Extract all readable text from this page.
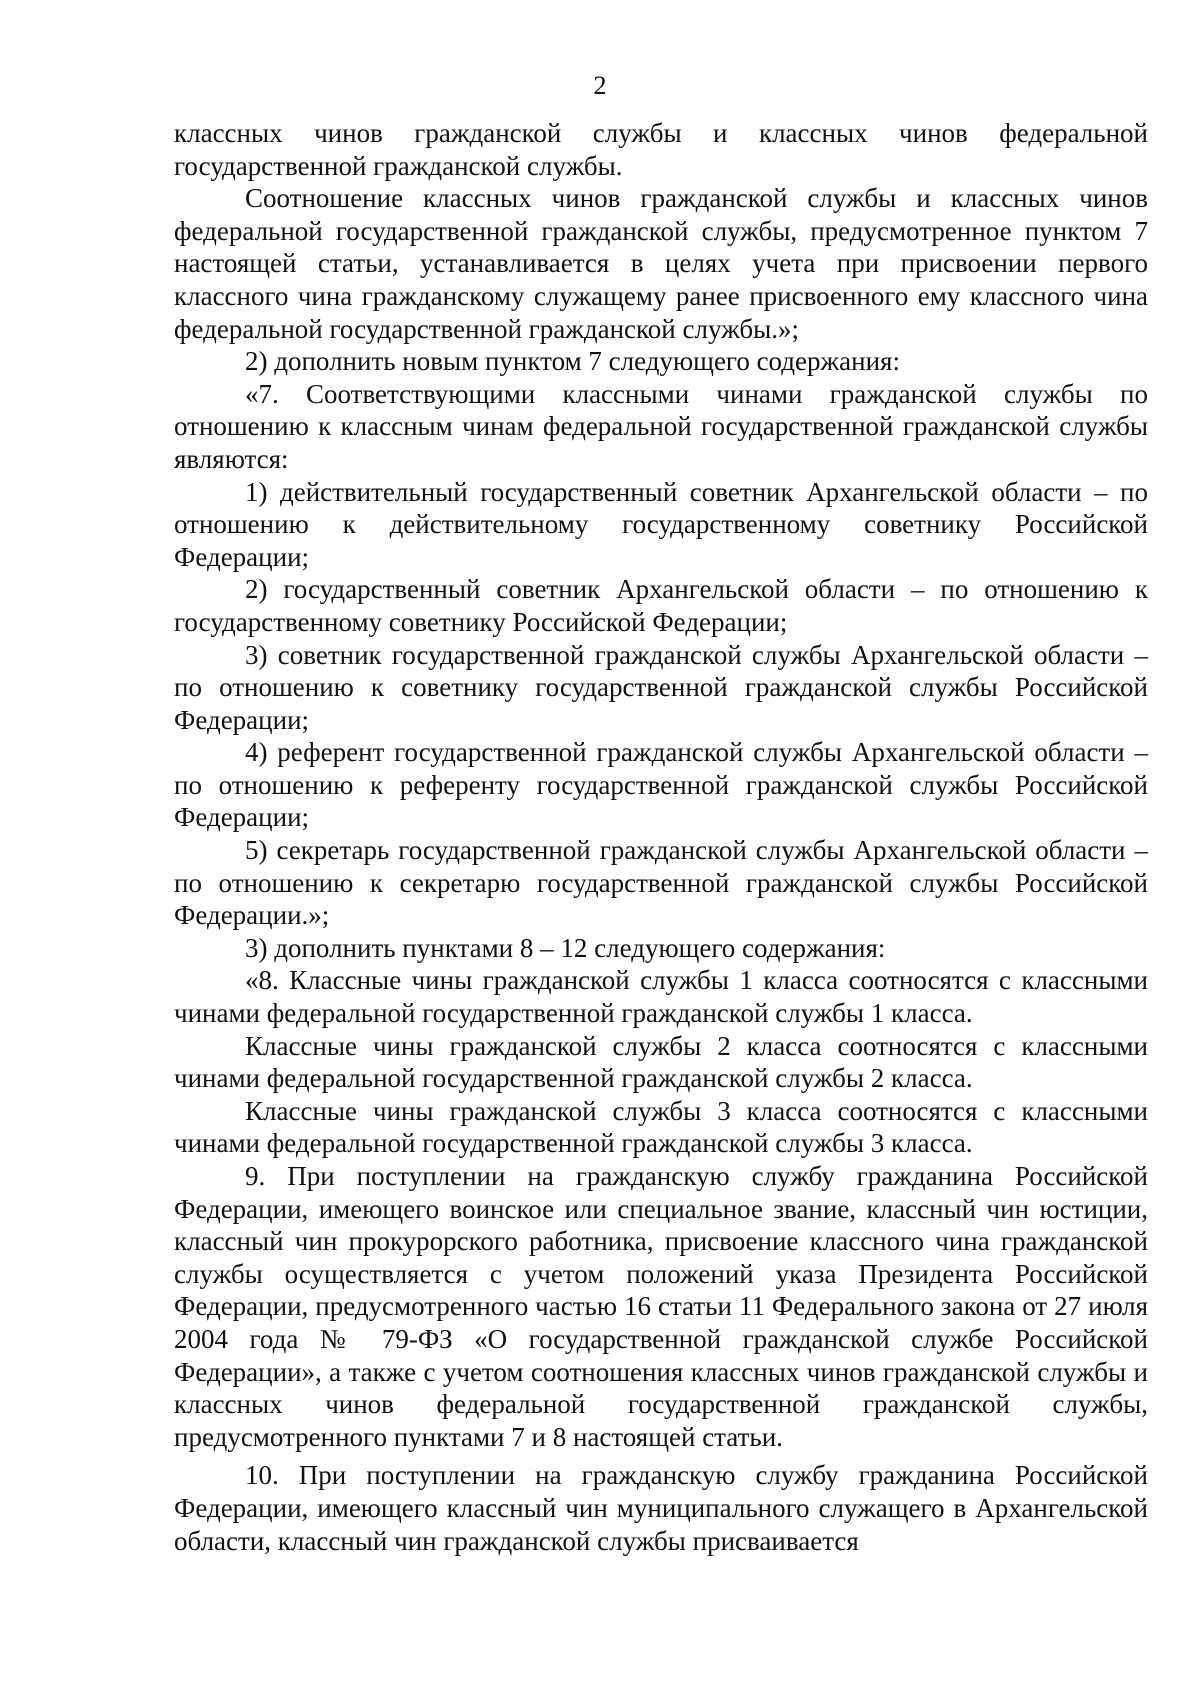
2

классных чинов гражданской службы и классных чинов федеральной государственной гражданской службы.

Соотношение классных чинов гражданской службы и классных чинов федеральной государственной гражданской службы, предусмотренное пунктом 7 настоящей статьи, устанавливается в целях учета при присвоении первого классного чина гражданскому служащему ранее присвоенного ему классного чина федеральной государственной гражданской службы.»;

2) дополнить новым пунктом 7 следующего содержания:

«7. Соответствующими классными чинами гражданской службы по отношению к классным чинам федеральной государственной гражданской службы являются:

1) действительный государственный советник Архангельской области – по отношению к действительному государственному советнику Российской Федерации;

2) государственный советник Архангельской области – по отношению к государственному советнику Российской Федерации;

3) советник государственной гражданской службы Архангельской области – по отношению к советнику государственной гражданской службы Российской Федерации;

4) референт государственной гражданской службы Архангельской области – по отношению к референту государственной гражданской службы Российской Федерации;

5) секретарь государственной гражданской службы Архангельской области – по отношению к секретарю государственной гражданской службы Российской Федерации.»;

3) дополнить пунктами 8 – 12 следующего содержания:

«8. Классные чины гражданской службы 1 класса соотносятся с классными чинами федеральной государственной гражданской службы 1 класса.

Классные чины гражданской службы 2 класса соотносятся с классными чинами федеральной государственной гражданской службы 2 класса.

Классные чины гражданской службы 3 класса соотносятся с классными чинами федеральной государственной гражданской службы 3 класса.

9. При поступлении на гражданскую службу гражданина Российской Федерации, имеющего воинское или специальное звание, классный чин юстиции, классный чин прокурорского работника, присвоение классного чина гражданской службы осуществляется с учетом положений указа Президента Российской Федерации, предусмотренного частью 16 статьи 11 Федерального закона от 27 июля 2004 года № 79-ФЗ «О государственной гражданской службе Российской Федерации», а также с учетом соотношения классных чинов гражданской службы и классных чинов федеральной государственной гражданской службы, предусмотренного пунктами 7 и 8 настоящей статьи.

10. При поступлении на гражданскую службу гражданина Российской Федерации, имеющего классный чин муниципального служащего в Архангельской области, классный чин гражданской службы присваивается
